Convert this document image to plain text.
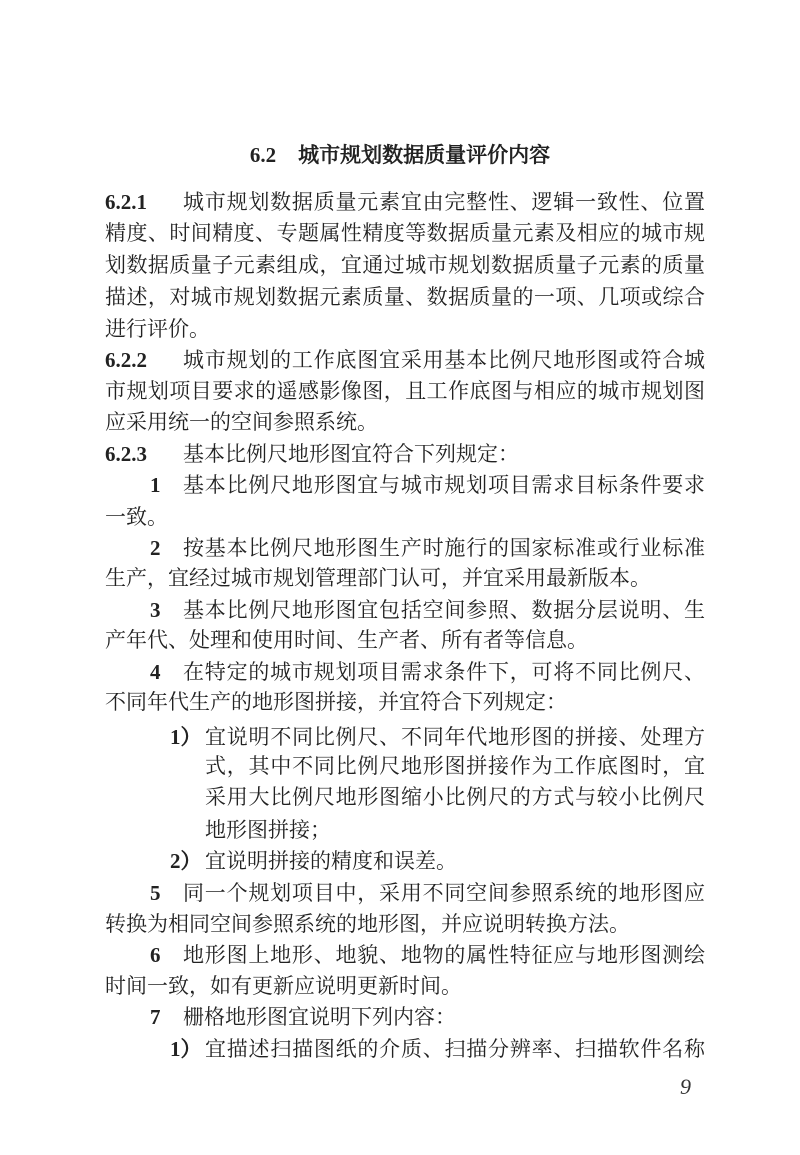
6.2 城市规划数据质量评价内容
6.2.1 城市规划数据质量元素宜由完整性、逻辑一致性、位置
精度、时间精度、专题属性精度等数据质量元素及相应的城市规
划数据质量子元素组成，宜通过城市规划数据质量子元素的质量
描述，对城市规划数据元素质量、数据质量的一项、几项或综合
进行评价。
6.2.2 城市规划的工作底图宜采用基本比例尺地形图或符合城
市规划项目要求的遥感影像图，且工作底图与相应的城市规划图
应采用统一的空间参照系统。
6.2.3 基本比例尺地形图宜符合下列规定：
1 基本比例尺地形图宜与城市规划项目需求目标条件要求
一致。
2 按基本比例尺地形图生产时施行的国家标准或行业标准
生产，宜经过城市规划管理部门认可，并宜采用最新版本。
3 基本比例尺地形图宜包括空间参照、数据分层说明、生
产年代、处理和使用时间、生产者、所有者等信息。
4 在特定的城市规划项目需求条件下，可将不同比例尺、
不同年代生产的地形图拼接，并宜符合下列规定：
1） 宜说明不同比例尺、不同年代地形图的拼接、处理方
式，其中不同比例尺地形图拼接作为工作底图时，宜
采用大比例尺地形图缩小比例尺的方式与较小比例尺
地形图拼接；
2） 宜说明拼接的精度和误差。
5 同一个规划项目中，采用不同空间参照系统的地形图应
转换为相同空间参照系统的地形图，并应说明转换方法。
6 地形图上地形、地貌、地物的属性特征应与地形图测绘
时间一致，如有更新应说明更新时间。
7 栅格地形图宜说明下列内容：
1） 宜描述扫描图纸的介质、扫描分辨率、扫描软件名称
9
